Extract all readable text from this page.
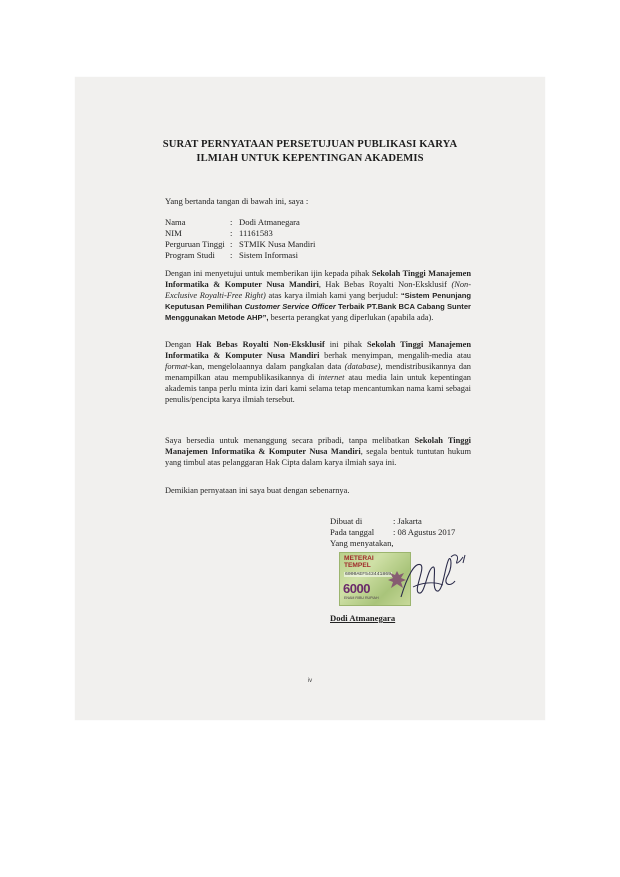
SURAT PERNYATAAN PERSETUJUAN PUBLIKASI KARYA
ILMIAH UNTUK KEPENTINGAN AKADEMIS
Yang bertanda tangan di bawah ini, saya :
Nama	: Dodi Atmanegara
NIM	: 11161583
Perguruan Tinggi : STMIK Nusa Mandiri
Program Studi	: Sistem Informasi
Dengan ini menyetujui untuk memberikan ijin kepada pihak Sekolah Tinggi Manajemen Informatika & Komputer Nusa Mandiri, Hak Bebas Royalti Non-Eksklusif (Non-Exclusive Royalti-Free Right) atas karya ilmiah kami yang berjudul: “Sistem Penunjang Keputusan Pemilihan Customer Service Officer Terbaik PT.Bank BCA Cabang Sunter Menggunakan Metode AHP”, beserta perangkat yang diperlukan (apabila ada).
Dengan Hak Bebas Royalti Non-Eksklusif ini pihak Sekolah Tinggi Manajemen Informatika & Komputer Nusa Mandiri berhak menyimpan, mengalih-media atau format-kan, mengelolaannya dalam pangkalan data (database), mendistribusikannya dan menampilkan atau mempublikasikannya di internet atau media lain untuk kepentingan akademis tanpa perlu minta izin dari kami selama tetap mencantumkan nama kami sebagai penulis/pencipta karya ilmiah tersebut.
Saya bersedia untuk menanggung secara pribadi, tanpa melibatkan Sekolah Tinggi Manajemen Informatika & Komputer Nusa Mandiri, segala bentuk tuntutan hukum yang timbul atas pelanggaran Hak Cipta dalam karya ilmiah saya ini.
Demikian pernyataan ini saya buat dengan sebenarnya.
Dibuat di	: Jakarta
Pada tanggal	: 08 Agustus 2017
Yang menyatakan,
METERAI TEMPEL
6000AEF543441869
6000
ENAM RIBU RUPIAH
Dodi Atmanegara
iv
